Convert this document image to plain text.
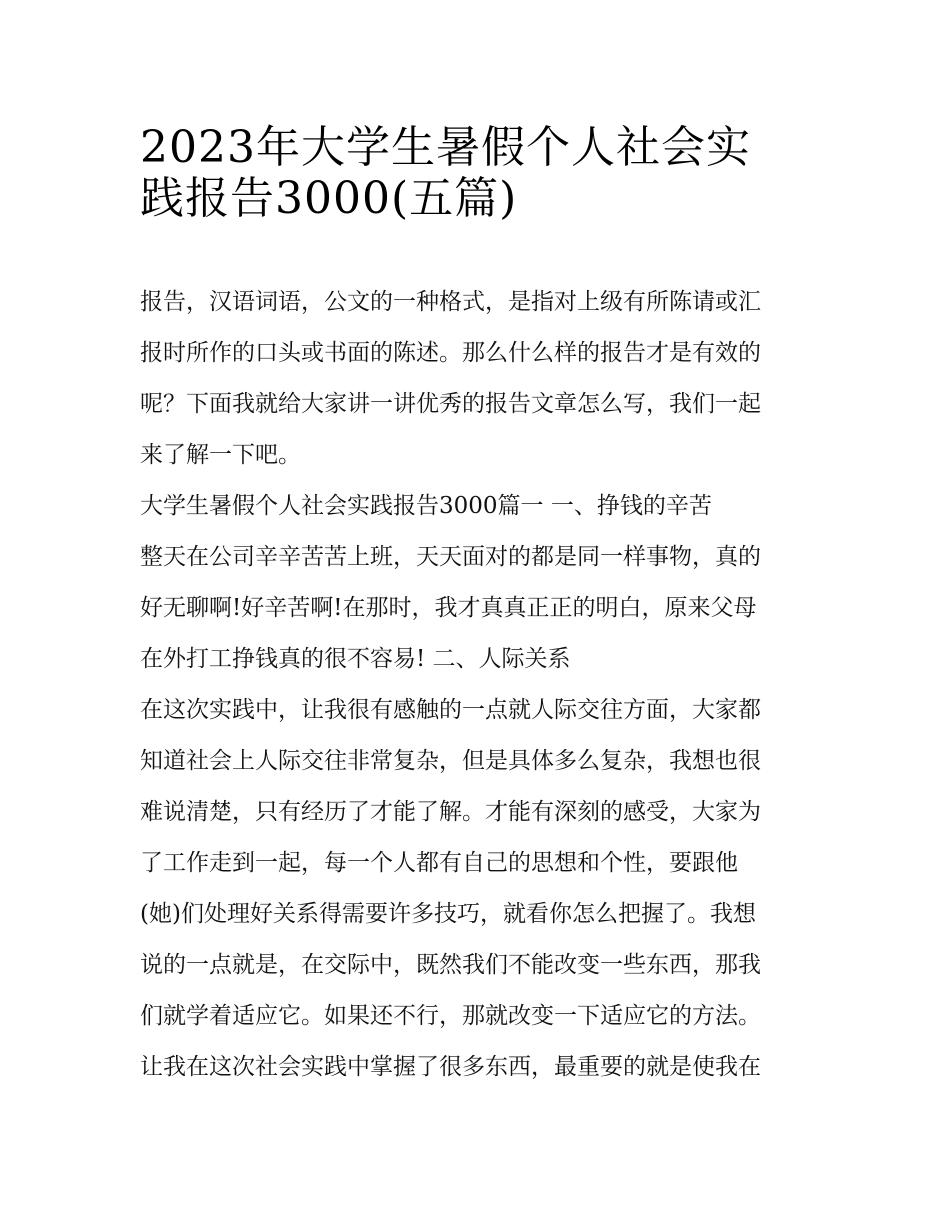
2023年大学生暑假个人社会实
践报告3000(五篇)
报告，汉语词语，公文的一种格式，是指对上级有所陈请或汇
报时所作的口头或书面的陈述。那么什么样的报告才是有效的
呢？下面我就给大家讲一讲优秀的报告文章怎么写，我们一起
来了解一下吧。
大学生暑假个人社会实践报告3000篇一 一、挣钱的辛苦
整天在公司辛辛苦苦上班，天天面对的都是同一样事物，真的
好无聊啊!好辛苦啊!在那时，我才真真正正的明白，原来父母
在外打工挣钱真的很不容易! 二、人际关系
在这次实践中，让我很有感触的一点就人际交往方面，大家都
知道社会上人际交往非常复杂，但是具体多么复杂，我想也很
难说清楚，只有经历了才能了解。才能有深刻的感受，大家为
了工作走到一起，每一个人都有自己的思想和个性，要跟他
(她)们处理好关系得需要许多技巧，就看你怎么把握了。我想
说的一点就是，在交际中，既然我们不能改变一些东西，那我
们就学着适应它。如果还不行，那就改变一下适应它的方法。
让我在这次社会实践中掌握了很多东西，最重要的就是使我在
